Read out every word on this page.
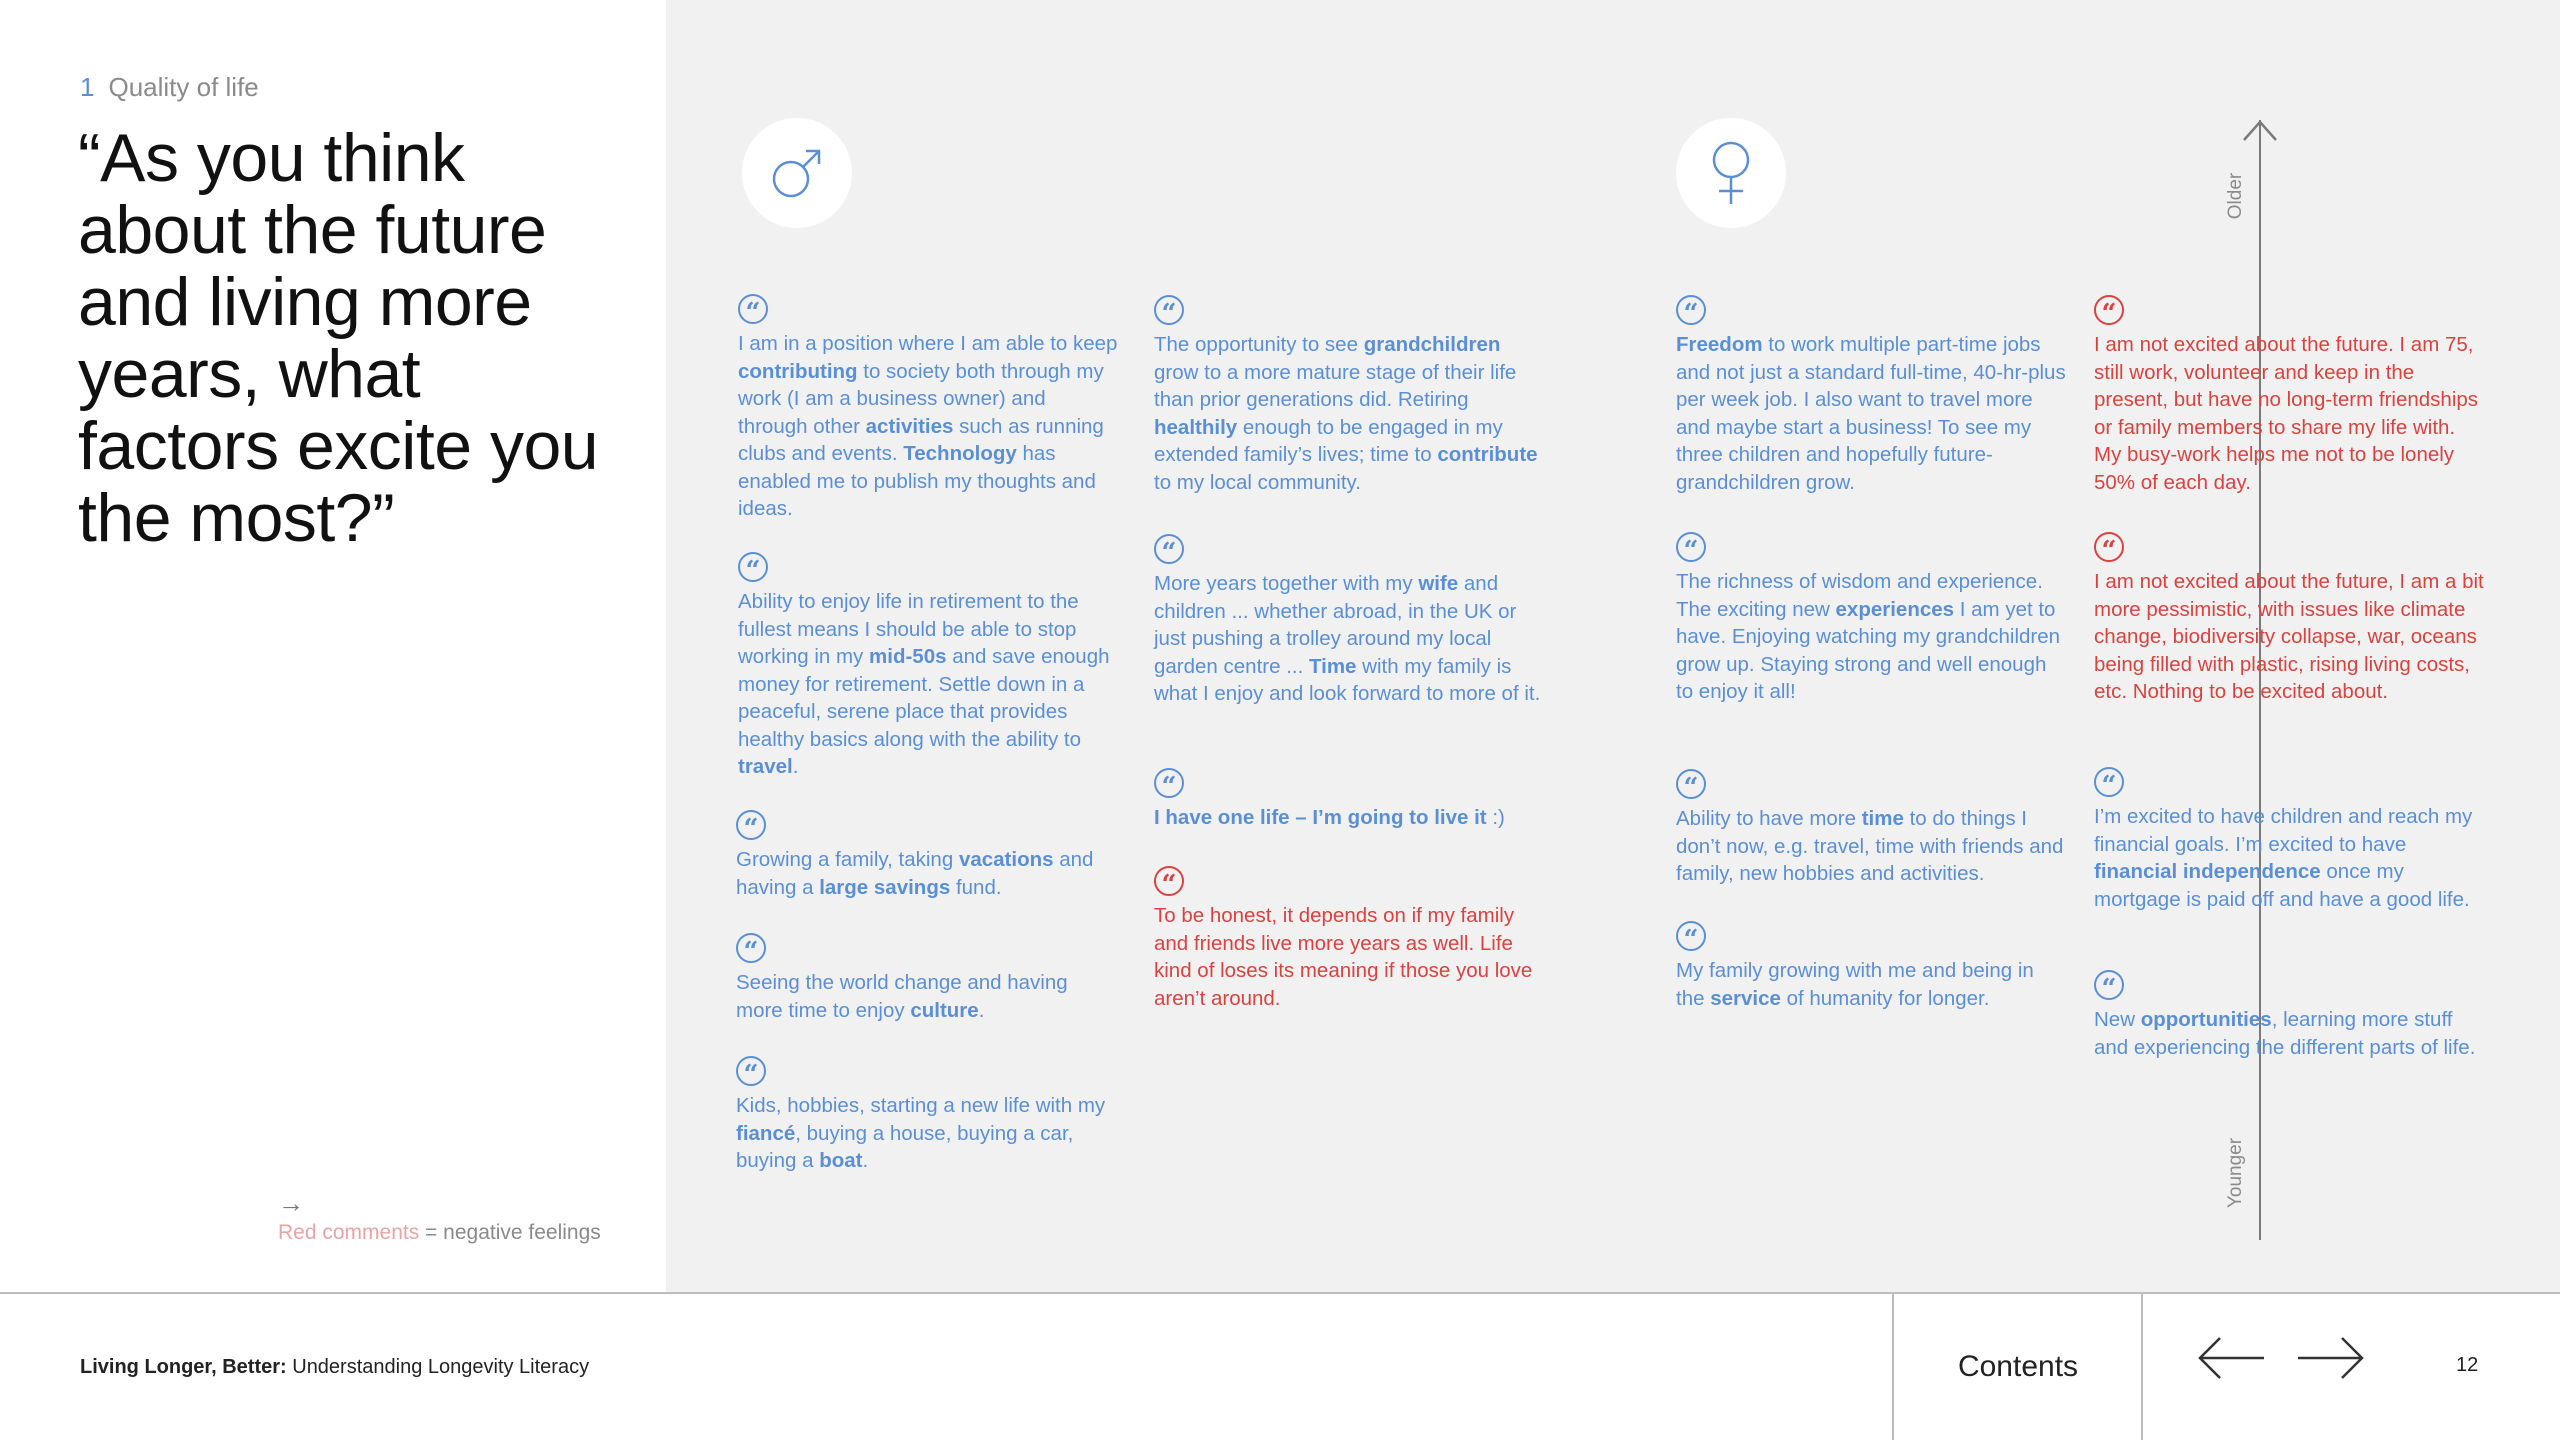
1 Quality of life
“As you think about the future and living more years, what factors excite you the most?”
→
Red comments = negative feelings
Older
Younger
“
I am in a position where I am able to keep contributing to society both through my work (I am a business owner) and through other activities such as running clubs and events. Technology has enabled me to publish my thoughts and ideas.
“
Ability to enjoy life in retirement to the fullest means I should be able to stop working in my mid-50s and save enough money for retirement. Settle down in a peaceful, serene place that provides healthy basics along with the ability to travel.
“
Growing a family, taking vacations and having a large savings fund.
“
Seeing the world change and having more time to enjoy culture.
“
Kids, hobbies, starting a new life with my fiancé, buying a house, buying a car, buying a boat.
“
The opportunity to see grandchildren grow to a more mature stage of their life than prior generations did. Retiring healthily enough to be engaged in my extended family’s lives; time to contribute to my local community.
“
More years together with my wife and children ... whether abroad, in the UK or just pushing a trolley around my local garden centre ... Time with my family is what I enjoy and look forward to more of it.
“
I have one life – I’m going to live it :)
“
To be honest, it depends on if my family and friends live more years as well. Life kind of loses its meaning if those you love aren’t around.
“
Freedom to work multiple part-time jobs and not just a standard full-time, 40-hr-plus per week job. I also want to travel more and maybe start a business! To see my three children and hopefully future-grandchildren grow.
“
The richness of wisdom and experience. The exciting new experiences I am yet to have. Enjoying watching my grandchildren grow up. Staying strong and well enough to enjoy it all!
“
Ability to have more time to do things I don’t now, e.g. travel, time with friends and family, new hobbies and activities.
“
My family growing with me and being in the service of humanity for longer.
“
I am not excited about the future. I am 75, still work, volunteer and keep in the present, but have no long-term friendships or family members to share my life with. My busy-work helps me not to be lonely 50% of each day.
“
I am not excited about the future, I am a bit more pessimistic, with issues like climate change, biodiversity collapse, war, oceans being filled with plastic, rising living costs, etc. Nothing to be excited about.
“
I’m excited to have children and reach my financial goals. I’m excited to have financial independence once my mortgage is paid off and have a good life.
“
New opportunities, learning more stuff and experiencing the different parts of life.
Living Longer, Better: Understanding Longevity Literacy	Contents	12
